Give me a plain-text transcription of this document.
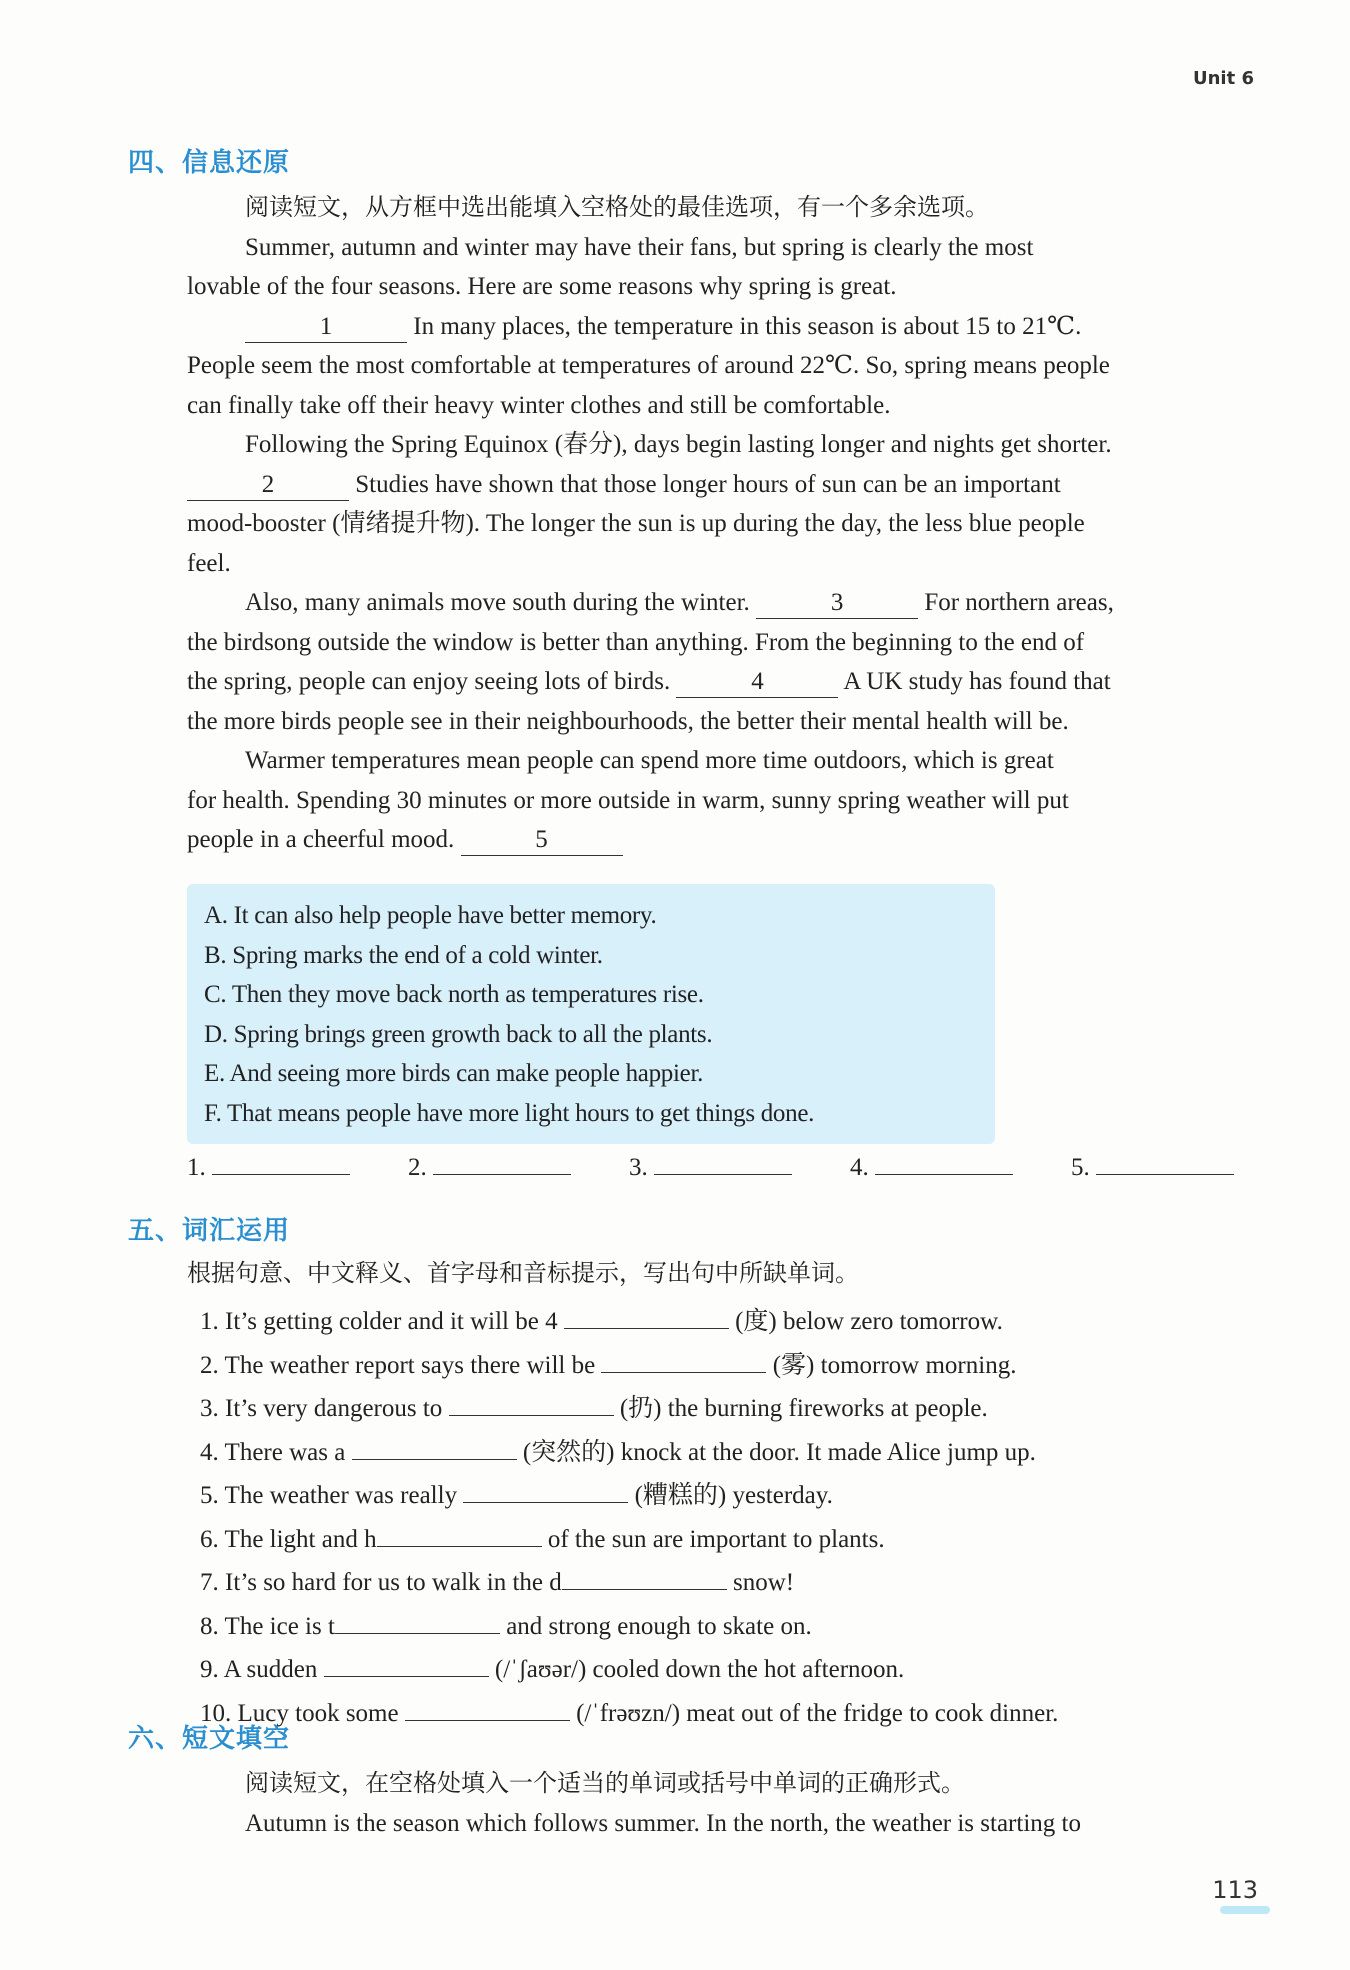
Unit 6
四、信息还原

阅读短文，从方框中选出能填入空格处的最佳选项，有一个多余选项。

Summer, autumn and winter may have their fans, but spring is clearly the most

lovable of the four seasons. Here are some reasons why spring is great.

1	In many places, the temperature in this season is about 15 to 21℃.

People seem the most comfortable at temperatures of around 22℃. So, spring means people

can finally take off their heavy winter clothes and still be comfortable.

Following the Spring Equinox (春分), days begin lasting longer and nights get shorter.

2	Studies have shown that those longer hours of sun can be an important

mood-booster (情绪提升物). The longer the sun is up during the day, the less blue people

feel.

Also, many animals move south during the winter.	3	For northern areas,

the birdsong outside the window is better than anything. From the beginning to the end of

the spring, people can enjoy seeing lots of birds.	4	A UK study has found that

the more birds people see in their neighbourhoods, the better their mental health will be.

Warmer temperatures mean people can spend more time outdoors, which is great

for health. Spending 30 minutes or more outside in warm, sunny spring weather will put

people in a cheerful mood.	5

A. It can also help people have better memory.
B. Spring marks the end of a cold winter.
C. Then they move back north as temperatures rise.
D. Spring brings green growth back to all the plants.
E. And seeing more birds can make people happier.
F. That means people have more light hours to get things done.
1.	2.	3.	4.	5.
五、词汇运用
根据句意、中文释义、首字母和音标提示，写出句中所缺单词。
1. It’s getting colder and it will be 4	(度) below zero tomorrow.
2. The weather report says there will be	(雾) tomorrow morning.
3. It’s very dangerous to	(扔) the burning fireworks at people.
4. There was a	(突然的) knock at the door. It made Alice jump up.
5. The weather was really	(糟糕的) yesterday.
6. The light and h	of the sun are important to plants.
7. It’s so hard for us to walk in the d	snow!
8. The ice is t	and strong enough to skate on.
9. A sudden	(/ˈʃaʊər/) cooled down the hot afternoon.
10. Lucy took some	(/ˈfrəʊzn/) meat out of the fridge to cook dinner.
六、短文填空

阅读短文，在空格处填入一个适当的单词或括号中单词的正确形式。

Autumn is the season which follows summer. In the north, the weather is starting to

113
